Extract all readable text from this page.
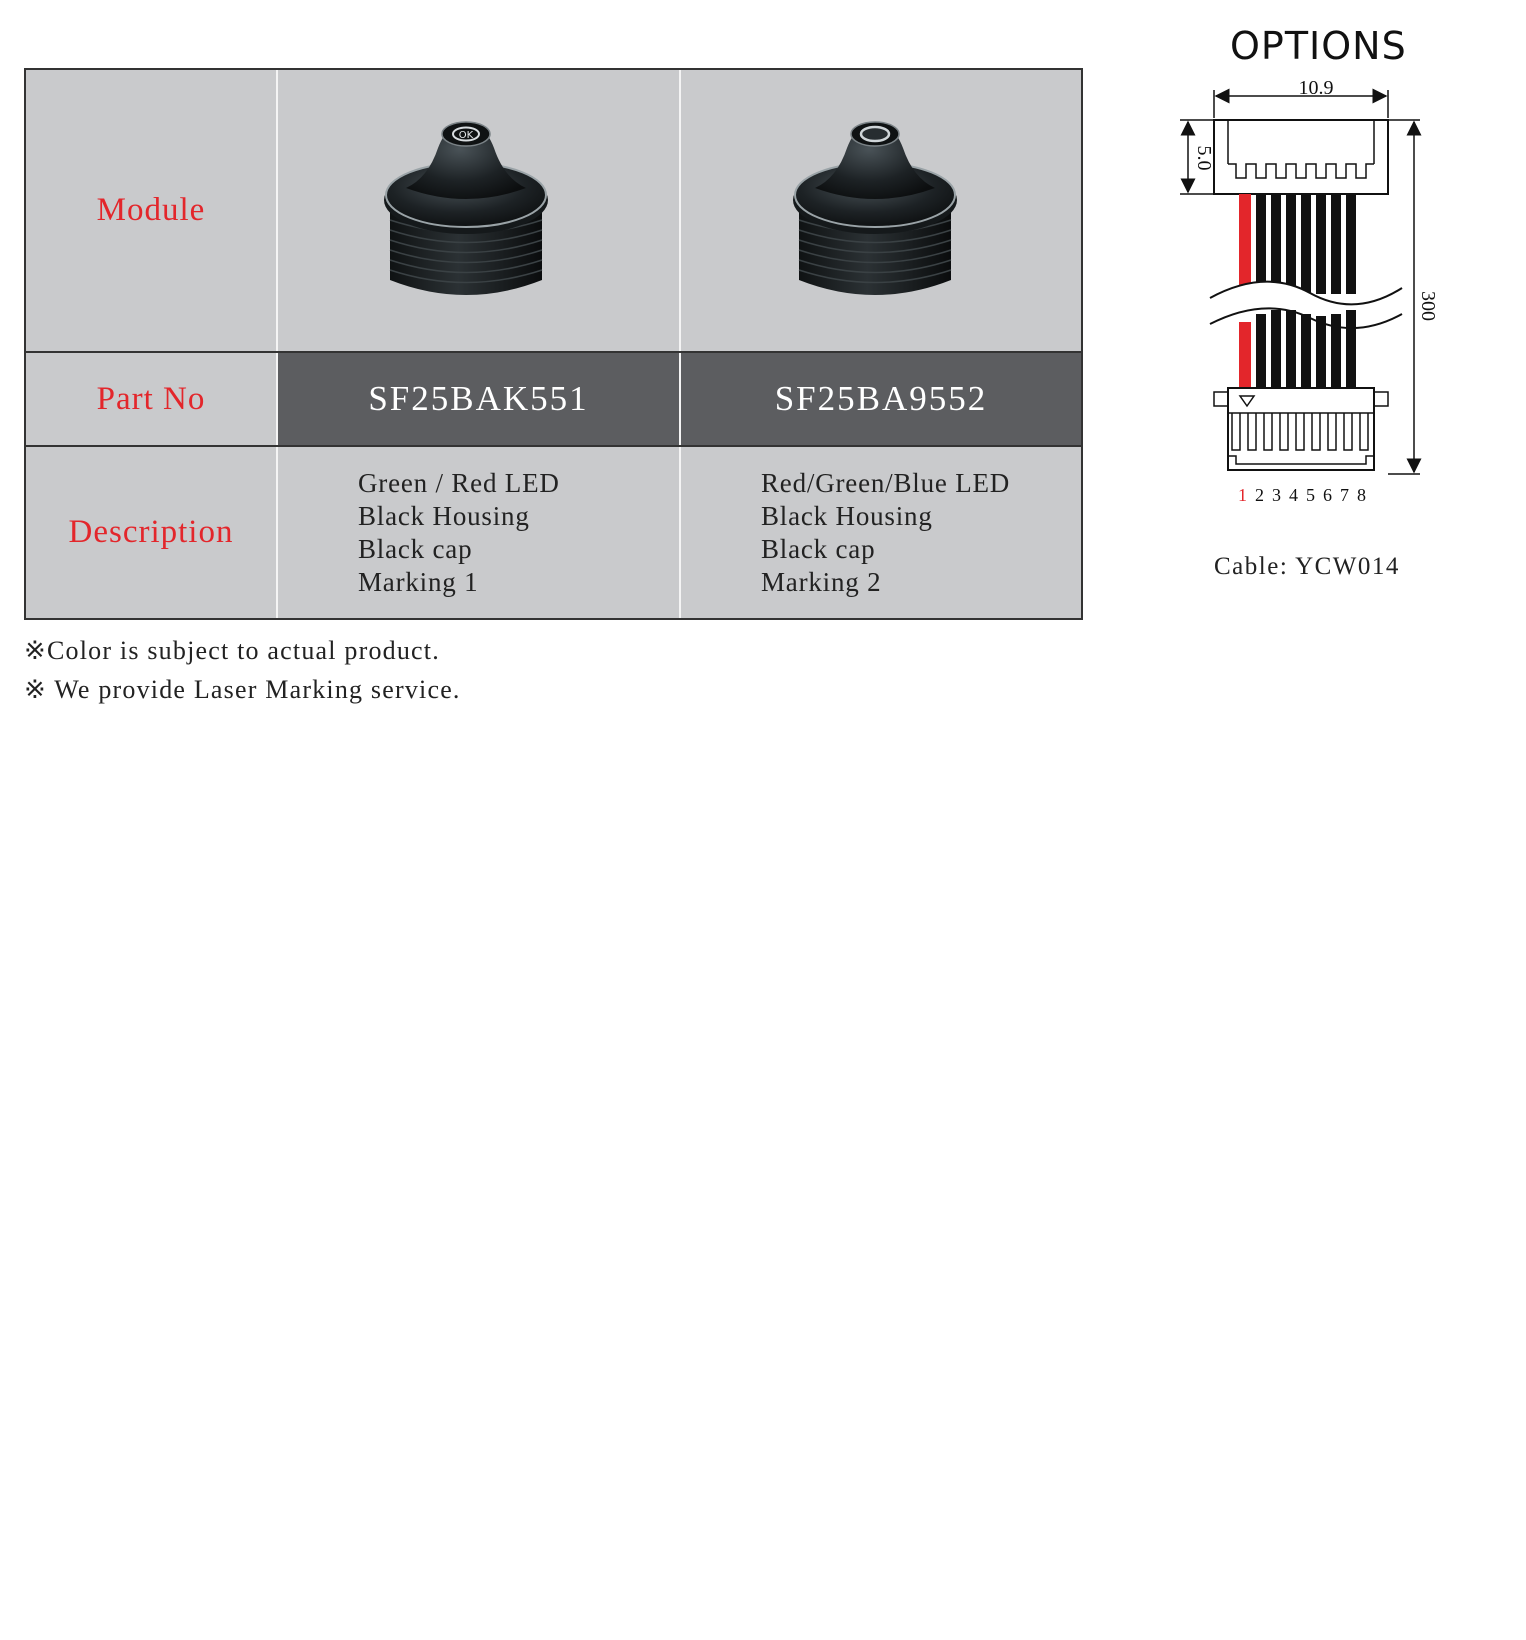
Module
OK
Part No	SF25BAK551	SF25BA9552
Description
Green / Red LED
Black Housing
Black cap
Marking 1
Red/Green/Blue LED
Black Housing
Black cap
Marking 2
※Color is subject to actual product.
※ We provide Laser Marking service.
OPTIONS
10.9
5.0
300
1 2 3 4 5 6 7 8
Cable: YCW014
